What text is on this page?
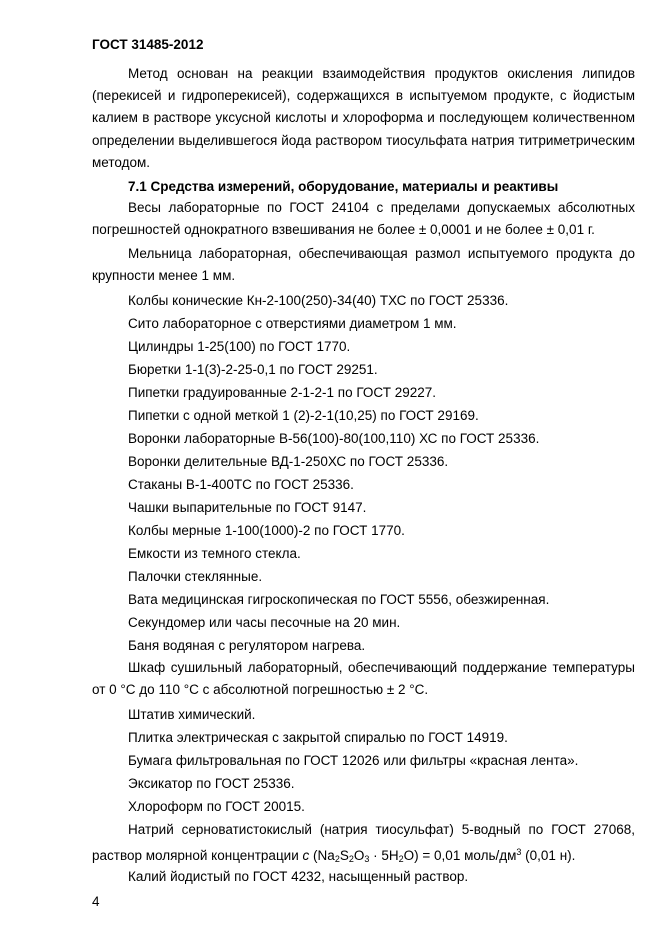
ГОСТ 31485-2012

Метод основан на реакции взаимодействия продуктов окисления липидов (перекисей и гидроперекисей), содержащихся в испытуемом продукте, с йодистым калием в растворе уксусной кислоты и хлороформа и последующем количественном определении выделившегося йода раствором тиосульфата натрия титриметрическим методом.

7.1 Средства измерений, оборудование, материалы и реактивы

Весы лабораторные по ГОСТ 24104 с пределами допускаемых абсолютных погрешностей однократного взвешивания не более ± 0,0001 и не более ± 0,01 г.

Мельница лабораторная, обеспечивающая размол испытуемого продукта до крупности менее 1 мм.

Колбы конические Кн-2-100(250)-34(40) ТХС по ГОСТ 25336.
Сито лабораторное с отверстиями диаметром 1 мм.
Цилиндры 1-25(100) по ГОСТ 1770.
Бюретки 1-1(3)-2-25-0,1 по ГОСТ 29251.
Пипетки градуированные 2-1-2-1 по ГОСТ 29227.
Пипетки с одной меткой 1 (2)-2-1(10,25) по ГОСТ 29169.
Воронки лабораторные В-56(100)-80(100,110) ХС по ГОСТ 25336.
Воронки делительные ВД-1-250ХС по ГОСТ 25336.
Стаканы В-1-400ТС по ГОСТ 25336.
Чашки выпарительные по ГОСТ 9147.
Колбы мерные 1-100(1000)-2 по ГОСТ 1770.
Емкости из темного стекла.
Палочки стеклянные.
Вата медицинская гигроскопическая по ГОСТ 5556, обезжиренная.
Секундомер или часы песочные на 20 мин.
Баня водяная с регулятором нагрева.

Шкаф сушильный лабораторный, обеспечивающий поддержание температуры от 0 °С до 110 °С с абсолютной погрешностью ± 2 °С.

Штатив химический.
Плитка электрическая с закрытой спиралью по ГОСТ 14919.
Бумага фильтровальная по ГОСТ 12026 или фильтры «красная лента».
Эксикатор по ГОСТ 25336.
Хлороформ по ГОСТ 20015.

Натрий серноватистокислый (натрия тиосульфат) 5-водный по ГОСТ 27068, раствор молярной концентрации c $(Na_2S_2O_3 \cdot 5H_2O) = 0,01$ моль/$дм^3$ (0,01 н).

Калий йодистый по ГОСТ 4232, насыщенный раствор.
4
